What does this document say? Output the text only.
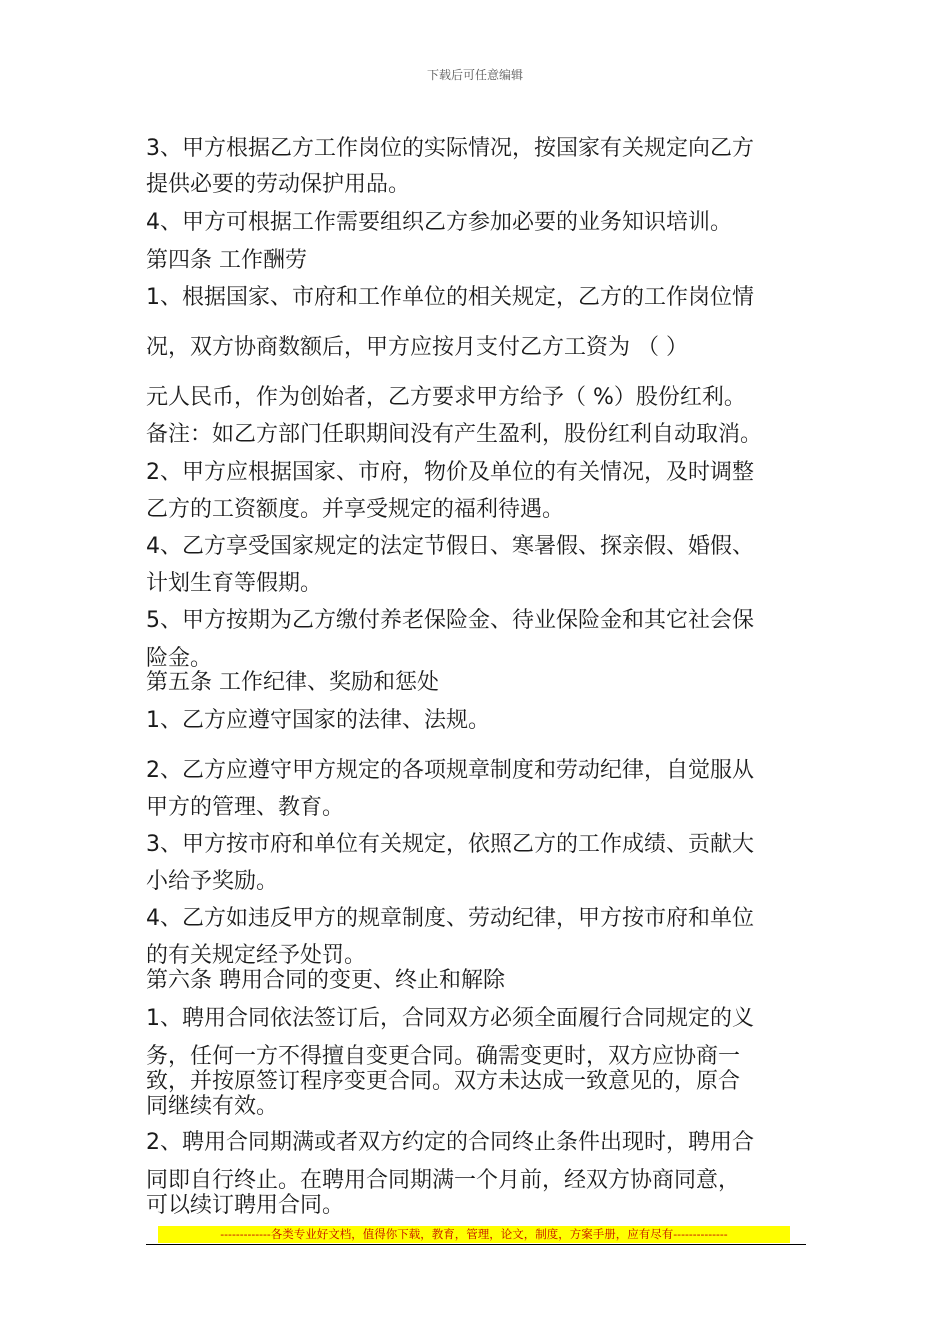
下载后可任意编辑
3、甲方根据乙方工作岗位的实际情况，按国家有关规定向乙方
提供必要的劳动保护用品。
4、甲方可根据工作需要组织乙方参加必要的业务知识培训。
第四条 工作酬劳
1、根据国家、市府和工作单位的相关规定，乙方的工作岗位情
况，双方协商数额后，甲方应按月支付乙方工资为 （ ）
元人民币，作为创始者，乙方要求甲方给予（ %）股份红利。
备注：如乙方部门任职期间没有产生盈利，股份红利自动取消。
2、甲方应根据国家、市府，物价及单位的有关情况，及时调整
乙方的工资额度。并享受规定的福利待遇。
4、乙方享受国家规定的法定节假日、寒暑假、探亲假、婚假、
计划生育等假期。
5、甲方按期为乙方缴付养老保险金、待业保险金和其它社会保
险金。
第五条 工作纪律、奖励和惩处
1、乙方应遵守国家的法律、法规。
2、乙方应遵守甲方规定的各项规章制度和劳动纪律，自觉服从
甲方的管理、教育。
3、甲方按市府和单位有关规定，依照乙方的工作成绩、贡献大
小给予奖励。
4、乙方如违反甲方的规章制度、劳动纪律，甲方按市府和单位
的有关规定经予处罚。
第六条 聘用合同的变更、终止和解除
1、聘用合同依法签订后，合同双方必须全面履行合同规定的义
务，任何一方不得擅自变更合同。确需变更时，双方应协商一
致，并按原签订程序变更合同。双方未达成一致意见的，原合
同继续有效。
2、聘用合同期满或者双方约定的合同终止条件出现时，聘用合
同即自行终止。在聘用合同期满一个月前，经双方协商同意，
可以续订聘用合同。
-------------各类专业好文档，值得你下载，教育，管理，论文，制度，方案手册，应有尽有--------------
